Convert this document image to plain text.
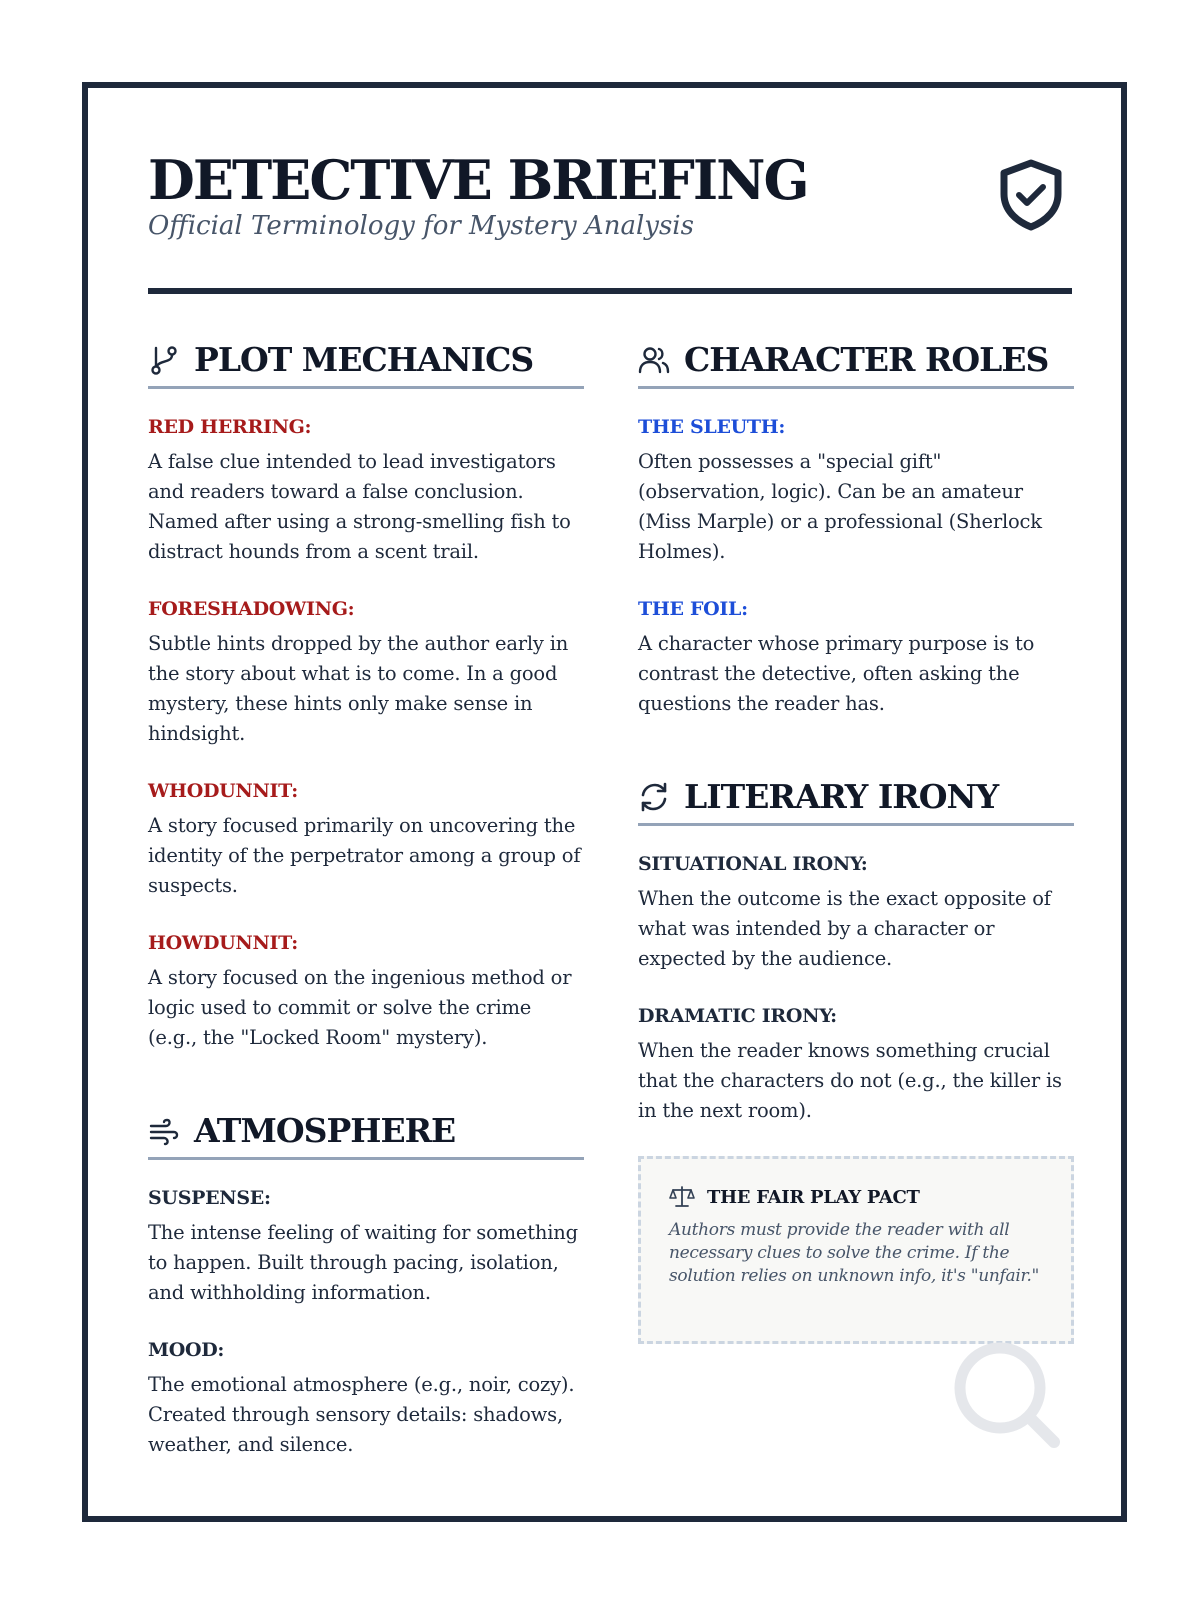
DETECTIVE BRIEFING
Official Terminology for Mystery Analysis
PLOT MECHANICS
RED HERRING:
A false clue intended to lead investigators and readers toward a false conclusion. Named after using a strong-smelling fish to distract hounds from a scent trail.
FORESHADOWING:
Subtle hints dropped by the author early in the story about what is to come. In a good mystery, these hints only make sense in hindsight.
WHODUNNIT:
A story focused primarily on uncovering the identity of the perpetrator among a group of suspects.
HOWDUNNIT:
A story focused on the ingenious method or logic used to commit or solve the crime (e.g., the "Locked Room" mystery).
ATMOSPHERE
SUSPENSE:
The intense feeling of waiting for something to happen. Built through pacing, isolation, and withholding information.
MOOD:
The emotional atmosphere (e.g., noir, cozy). Created through sensory details: shadows, weather, and silence.
CHARACTER ROLES
THE SLEUTH:
Often possesses a "special gift" (observation, logic). Can be an amateur (Miss Marple) or a professional (Sherlock Holmes).
THE FOIL:
A character whose primary purpose is to contrast the detective, often asking the questions the reader has.
LITERARY IRONY
SITUATIONAL IRONY:
When the outcome is the exact opposite of what was intended by a character or expected by the audience.
DRAMATIC IRONY:
When the reader knows something crucial that the characters do not (e.g., the killer is in the next room).
THE FAIR PLAY PACT
Authors must provide the reader with all necessary clues to solve the crime. If the solution relies on unknown info, it's "unfair."
